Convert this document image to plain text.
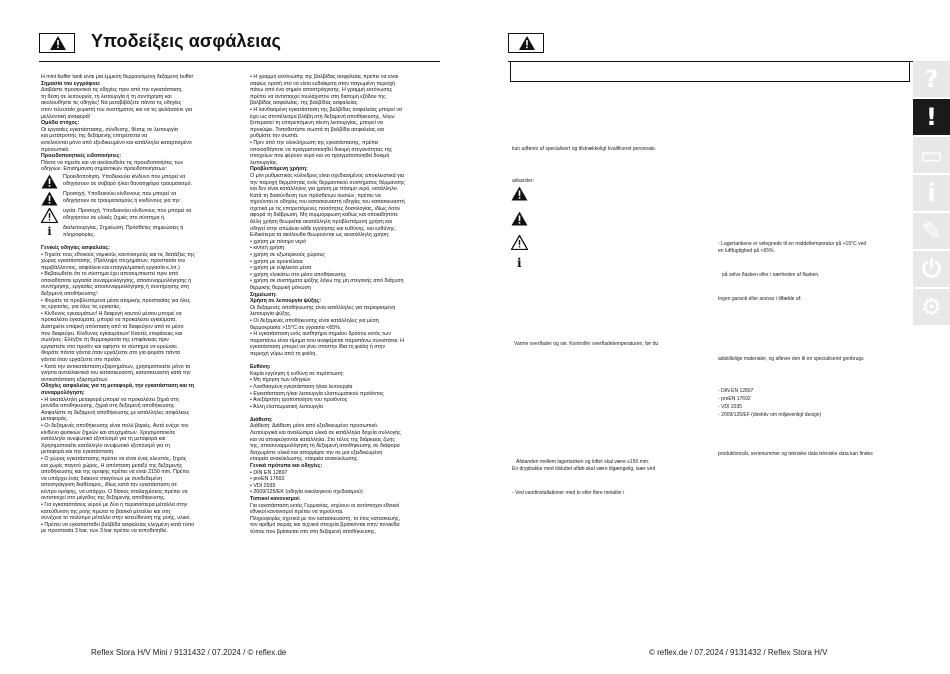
Υποδείξεις ασφάλειας

Η mini buffer tank είναι μια έμμεση θερμαινόμενη δεξαμενή buffer

Σημασία του εγγράφου:

Διαβάστε προσεκτικά τις οδηγίες πριν από την εγκατάσταση,

τη θέση σε λειτουργία, τη λειτουργία ή τη συντήρηση και

ακολουθήστε τις οδηγίες! Να μεταβιβάζετε πάντα τις οδηγίες

στον τελευταίο χειριστή του συστήματος και να τις φυλάσσετε για

μελλοντική αναφορά!

Ομάδα στόχος:

Οι εργασίες εγκατάστασης, σύνδεσης, θέσης σε λειτουργία

και μετατροπής της δεξαμενής επιτρέπεται να

εκτελούνται μόνο από εξειδικευμένο και κατάλληλα καταρτισμένο

προσωπικό.

Προειδοποιητικές ειδοποιήσεις:

Πάντα να τηρείτε και να ακολουθείτε τις προειδοποιήσεις των

οδηγιών. Επισήμανση σημαντικών προειδοποιήσεων:

Προειδοποίηση. Υποδεικνύει κίνδυνο που μπορεί να

οδηγήσουν σε σοβαρό ή/και θανατηφόρο τραυματισμό.

Προσοχή. Υποδεικνύει κίνδυνους που μπορεί να

οδηγήσουν σε τραυματισμούς ή κινδύνους για την

υγεία. Προσοχή. Υποδεικνύει κίνδυνους που μπορεί να

οδηγήσουν σε υλικές ζημιές στο σύστημα ή.

i διαλειτουργίας. Σημείωση. Πρόσθετες σημειώσεις ή

πληροφορίες.

Γενικές οδηγίες ασφαλείας:

• Τηρείτε τους εθνικούς νομικούς κανονισμούς και τις διατάξεις της

χώρας εγκατάστασης. (Πρόληψη ατυχημάτων, προστασία του

περιβάλλοντος, ασφάλεια και επαγγελματική εργασία κ.λπ.)

• Βεβαιωθείτε ότι το σύστημα έχει αποσυμπιεστεί πριν από

οποιαδήποτε εργασία συναρμολόγησης, αποσυναρμολόγησης ή

συντήρησης, εργασίες αποσυναρμολόγησης ή συντήρησης στη

δεξαμενή αποθήκευσης!

• Φοράτε τα προβλεπόμενα μέσα ατομικής προστασίας για όλες

τις εργασίες, για όλες τις εργασίες.

• Κίνδυνος εγκαυμάτων! Η διαφυγή καυτού μέσου μπορεί να

προκαλέσει εγκαύματα, μπορεί να προκαλέσει εγκαύματα.

Διατηρείτε επαρκή απόσταση από τα διαφεύγον από το μέσο

που διαφεύγει. Κίνδυνος εγκαυμάτων! Καυτές επιφάνειες και

σωλήνες: Ελέγξτε τη θερμοκρασία της επιφάνειας πριν

εργαστείτε στο προϊόν και αφήστε το σύστημα να κρυώσει.

Φοράτε πάντα γάντια όταν εργάζεστε στο για φοράτε πάντα

γάντια όταν εργάζεστε στο προϊόν.

• Κατά την αντικατάσταση εξαρτημάτων, χρησιμοποιείτε μόνο τα

γνήσια ανταλλακτικά του κατασκευαστή, κατασκευαστή κατά την

αντικατάσταση εξαρτημάτων.

Οδηγίες ασφαλείας για τη μεταφορά, την εγκατάσταση και τη

συναρμολόγηση:

• Η ακατάλληλη μεταφορά μπορεί να προκαλέσει ζημιά στη

μονάδα αποθήκευσης, ζημιά στη δεξαμενή αποθήκευσης.

Ασφαλίστε τη δεξαμενή αποθήκευσης με κατάλληλες ασφάλειες

μεταφοράς.

• Οι δεξαμενές αποθήκευσης είναι πολύ βαριές. Αυτό ενέχει τον

κίνδυνο φυσικών ζημιών και ατυχημάτων. Χρησιμοποιείτε

κατάλληλο ανυψωτικό εξοπλισμό για τη μεταφορά και

Χρησιμοποιείτε κατάλληλο ανυψωτικό εξοπλισμό για τη

μεταφορά και την εγκατάσταση.

• Ο χώρος εγκατάστασης πρέπει να είναι ένας κλειστός, ξηρός

και χωρίς παγετό χώρος. Η απόσταση μεταξύ της δεξαμενής

αποθήκευσης και της οροφής πρέπει να είναι 2150 mm. Πρέπει

να υπάρχει ένας διάκενο σταγόνων με συνδεδεμένη

αποστράγγιση διαθέσιμος, ιδίως κατά την εγκατάσταση σε

κέντρο ορόφης, να υπάρχει. Ο δίσκος σταλαγμίσκος πρέπει να

αντιστοιχεί στο μέγεθος της δεξαμενής αποθήκευσης.

• Για εγκαταστάσεις νερού με δύο ή περισσότερα μέταλλα στην

κατεύθυνση της ροής πρώτα το βασικό μέταλλο και στη

συνέχεια το πολύτιμο μέταλλο στην κατεύθυνση της ροής, υλικό.

• Πρέπει να εγκατασταθεί βαλβίδα ασφαλείας ελεγμένη κατά τύπο

με προστασία 3 bar, των 3 bar πρέπει να τοποθετηθεί.

• Η γραμμή εκτόνωσης της βαλβίδας ασφαλείας πρέπει να είναι

σαφώς ορατή στο να είναι ευδιάκριτη στην παγωμένη περιοχή

πάνω από ένα σημείο αποστράγγισης. Η γραμμή εκτόνωσης

πρέπει να αντιστοιχεί τουλάχιστον στη διατομή εξόδου της

βαλβίδας ασφαλείας. της βαλβίδας ασφαλείας.

• Η λανθασμένη εγκατάσταση της βαλβίδας ασφαλείας μπορεί να

έχει ως αποτέλεσμα βλάβη στη δεξαμενή αποθήκευσης, λόγω

ξεπερασεί τη επιτρεπόμενη πίεση λειτουργίας, μπορεί να

προκύψει. Τοποθετήστε σωστά τη βαλβίδα ασφαλείας και

ρυθμίστε την σωστά.

• Πριν από την ολοκλήρωση της εγκατάστασης, πρέπει

οποιοσδήποτε να πραγματοποιηθεί δοκιμή στεγανότητας της

στοιχείων που φέρουν νερό και να πραγματοποιηθεί δοκιμή

λειτουργίας.

Προβλεπόμενη χρήση:

Ο μίνι ρυθμιστικός κύλινδρος είναι σχεδιασμένος αποκλειστικά για

την παροχή θερμότητας ενός θερμαντικού συστήματος θέρμανσης

και δεν είναι κατάλληλος για χρήση με πόσιμο νερό. κατάλληλο.

Κατά τη διασύνδεση των πρόσθετων ουσιών, πρέπει να

τηρούνται οι οδηγίες του κατασκευαστή οδηγίες του κατασκευαστή

σχετικά με τις επιτρεπόμενες ποσότητες δοσολογίας, ιδίως όσον

αφορά τη διάβρωση. Μη συμμόρφωση καθώς και οποιαδήποτε

άλλη χρήση θεωρείται ακατάλληλη προβλεπόμενη χρήση και

οδηγεί στην απώλεια κάθε εγγύησης και ευθύνης. και ευθύνης.

Ειδικότερα τα ακόλουθα θεωρούνται ως ακατάλληλη χρήση:

• χρήση με πόσιμο νερό

• κινητή χρήση

• χρήση σε εξωτερικούς χώρους

• χρήση με αρυκτέλαια

• χρήση με εύφλεκτα μέσα

• χρήση νλοκάτω στο μέσο αποθήκευσης

• χρήση σε συστήματα ψύξης λόγω της μη στεγανής από διάχυση

θερμικής θερμική μόνωση

Σημείωση:

Χρήση σε λειτουργία ψύξης:

Οι δεξαμενές αποθήκευσης είναι κατάλληλες για περιορισμένη

λειτουργία ψύξης.

• Οι δεξαμενές αποθήκευσης είναι κατάλληλες για μέση

θερμοκρασία >15°C σε υγρασία <65%.

• Η εγκατάσταση ενός αισθητήρα σημείου δρόσου εκτός των

παραπάνω είναι τίμημα που αναφέρεται παραπάνω συνιστάται. Η

εγκατάσταση μπορεί να γίνει στοστην ίδια τη φιάλη ή στην

περιοχή γύρω από τη φιάλη.

Ευθύνη:

Καμία εγγύηση ή ευθύνη σε περίπτωση:

• Μη τήρηση των οδηγιών

• Λανθασμένη εγκατάσταση ή/και λειτουργία

• Εγκατάσταση ή/και λειτουργία ελαττωματικού προϊόντος

• Ανεξάρτητη τροποποίηση του προϊόντος

• Άλλη ελαττωματική λειτουργία

Διάθεση:

Διάθεση: Διάθεση μόνο από εξειδικευμένο προσωπικό.

Λειτουργικά και αναλώσιμα υλικά σε κατάλληλα δοχεία συλλογής

και να αποφεύγονται κατάλληλα. Στο τέλος της διάρκειας ζωής

της, αποσυναρμολόγηση τη δεξαμενή αποθήκευσης σε διάφορα

διαχωρίστε υλικά και απορρίψτε την σε μια εξειδικευμένη

εταιρεία ανακύκλωσης. εταιρεία ανακύκλωσης.

Γενικά πρότυπα και οδηγίες:

• DIN EN 12897

• preEN 17692

• VDI 2035

• 2009/125/ΕΚ (οδηγία οικολογικού σχεδιασμού)

Τοπικοί κανονισμοί:

Για εγκατάσταση εκτός Γερμανίας, ισχύουν οι αντίστοιχοι εθνικοί

εθνικοί κανονισμοί πρέπει να τηρούνται.

Πληροφορίες σχετικά με τον κατασκευαστή, το έτος κατασκευής,

τον αριθμό σειράς και τεχνικά στοιχεία βρίσκονται στην πινακίδα

τύπου που βρίσκεται στο στη δεξαμενή αποθήκευσης.

Reflex Stora H/V Mini / 9131432 / 07.2024 / © reflex.de	© reflex.de / 07.2024 / 9131432 / Reflex Stora H/V
kun udføres af specialisert og tilstrækkeligt kvalificeret personale.
advarsler:
◦ Lagertankene er velegnede til en middeltemperatur på >15°C ved
en luftfugtighed på <65%.
på selve flasken eller i nærheden af flasken.
Ingen garanti eller ansvar i tilfælde af:
Varme overflader og rør. Kontrollér overfladetemperaturen, før du
adskillelige materialer, og aflever den til en specialiseret genbrugs
◦ DIN EN 12897
◦ preEN 17692
◦ VDI 2035
◦ 2009/125/EF (direktiv om miljøvenligt design)
produktionsår, serienummer og tekniske data tekniske data kan findes
Afstanden mellem lagertanken og loftet skal være ≥150 mm.
En drypbakke med tilsluttet afløb skal være tilgængelig, især ved
◦ Ved vandinstallationer med to eller flere metaller i
i
?
!
▭
i
✎
⏻
⚙
